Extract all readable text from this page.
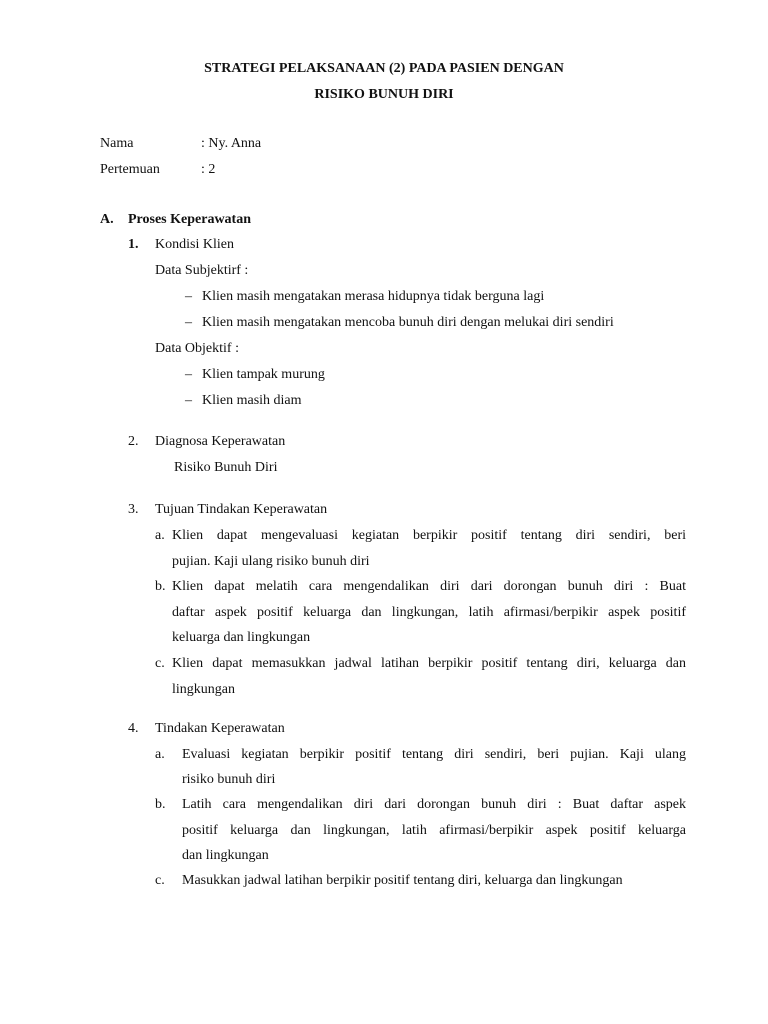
STRATEGI PELAKSANAAN (2) PADA PASIEN DENGAN
RISIKO BUNUH DIRI
Nama	: Ny. Anna
Pertemuan	: 2
A. Proses Keperawatan
1. Kondisi Klien
Data Subjektirf :
– Klien masih mengatakan merasa hidupnya tidak berguna lagi
– Klien masih mengatakan mencoba bunuh diri dengan melukai diri sendiri
Data Objektif :
– Klien tampak murung
– Klien masih diam
2. Diagnosa Keperawatan
Risiko Bunuh Diri
3. Tujuan Tindakan Keperawatan
a. Klien dapat mengevaluasi kegiatan berpikir positif tentang diri sendiri, beri
pujian. Kaji ulang risiko bunuh diri
b. Klien dapat melatih cara mengendalikan diri dari dorongan bunuh diri : Buat
daftar aspek positif keluarga dan lingkungan, latih afirmasi/berpikir aspek positif
keluarga dan lingkungan
c. Klien dapat memasukkan jadwal latihan berpikir positif tentang diri, keluarga dan
lingkungan
4. Tindakan Keperawatan
a. Evaluasi kegiatan berpikir positif tentang diri sendiri, beri pujian. Kaji ulang
risiko bunuh diri
b. Latih cara mengendalikan diri dari dorongan bunuh diri : Buat daftar aspek
positif keluarga dan lingkungan, latih afirmasi/berpikir aspek positif keluarga
dan lingkungan
c. Masukkan jadwal latihan berpikir positif tentang diri, keluarga dan lingkungan
